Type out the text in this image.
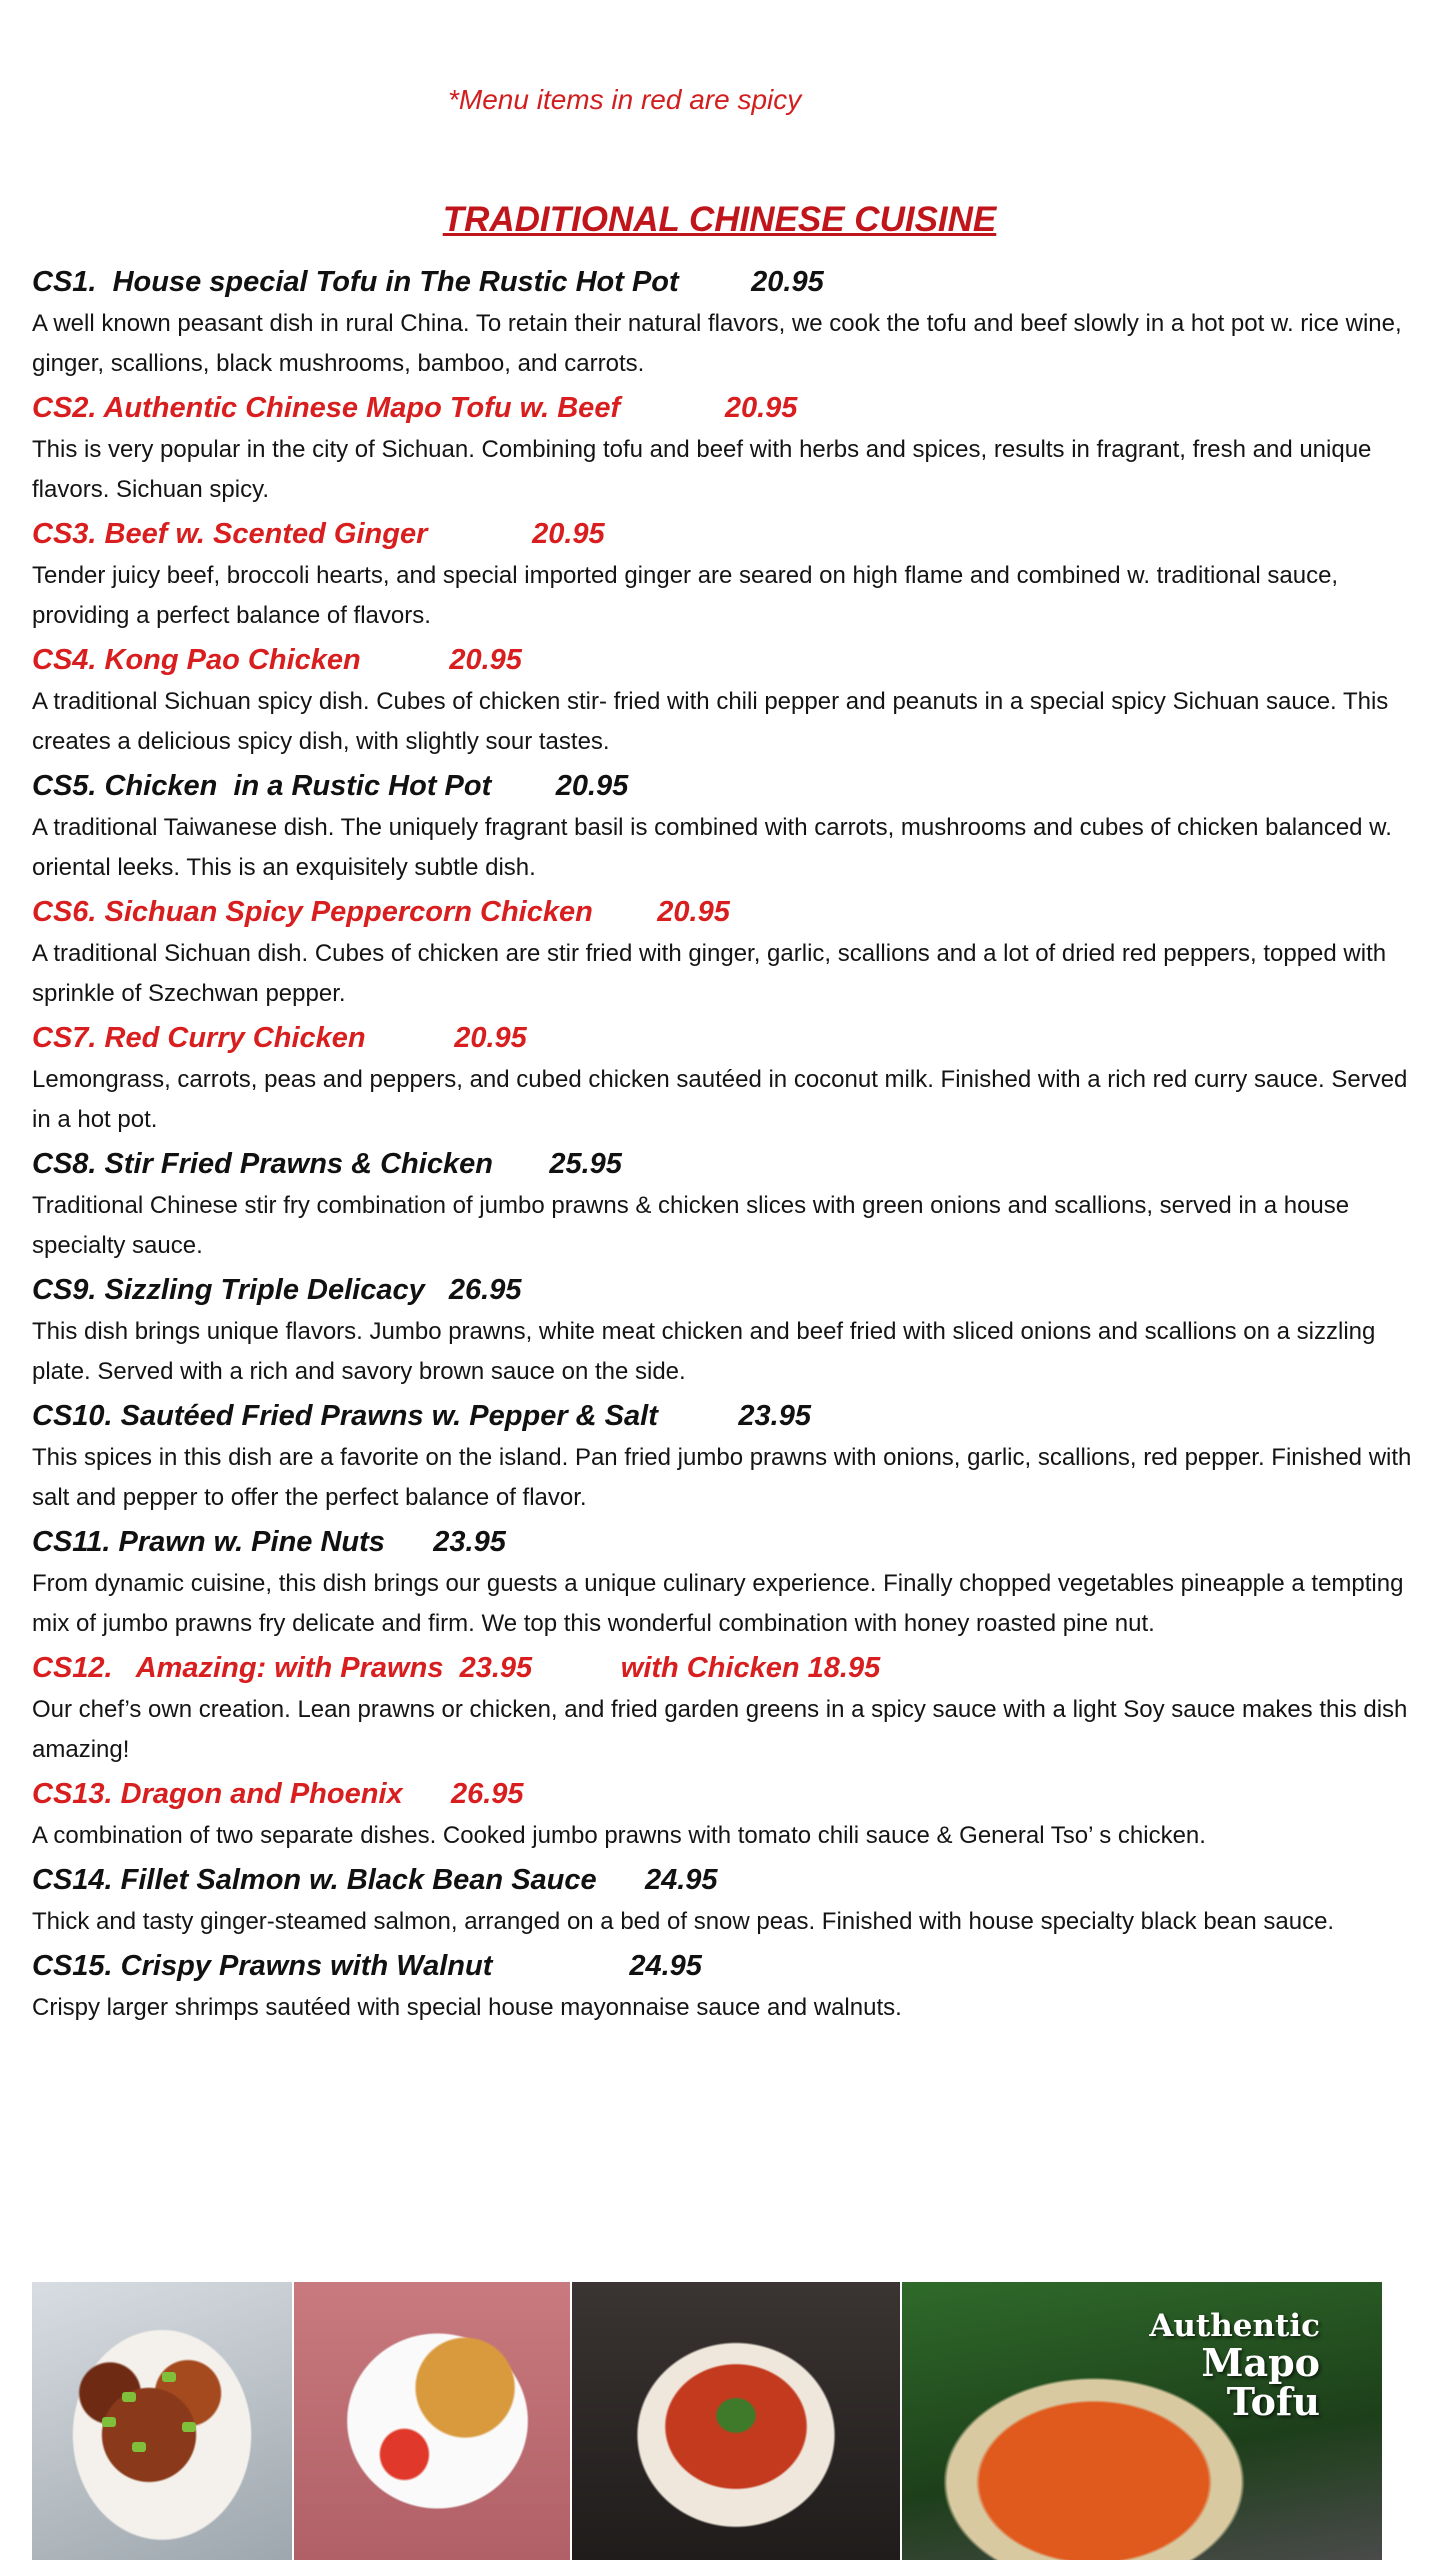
*Menu items in red are spicy
TRADITIONAL CHINESE CUISINE
CS1.  House special Tofu in The Rustic Hot Pot         20.95
A well known peasant dish in rural China. To retain their natural flavors, we cook the tofu and beef slowly in a hot pot w. rice wine, ginger, scallions, black mushrooms, bamboo, and carrots.
CS2. Authentic Chinese Mapo Tofu w. Beef             20.95
This is very popular in the city of Sichuan. Combining tofu and beef with herbs and spices, results in fragrant, fresh and unique flavors. Sichuan spicy.
CS3. Beef w. Scented Ginger             20.95
Tender juicy beef, broccoli hearts, and special imported ginger are seared on high flame and combined w. traditional sauce, providing a perfect balance of flavors.
CS4. Kong Pao Chicken           20.95
A traditional Sichuan spicy dish. Cubes of chicken stir- fried with chili pepper and peanuts in a special spicy Sichuan sauce. This creates a delicious spicy dish, with slightly sour tastes.
CS5. Chicken  in a Rustic Hot Pot        20.95
A traditional Taiwanese dish. The uniquely fragrant basil is combined with carrots, mushrooms and cubes of chicken balanced w. oriental leeks. This is an exquisitely subtle dish.
CS6. Sichuan Spicy Peppercorn Chicken        20.95
A traditional Sichuan dish. Cubes of chicken are stir fried with ginger, garlic, scallions and a lot of dried red peppers, topped with sprinkle of Szechwan pepper.
CS7. Red Curry Chicken           20.95
Lemongrass, carrots, peas and peppers, and cubed chicken sautéed in coconut milk. Finished with a rich red curry sauce. Served in a hot pot.
CS8. Stir Fried Prawns & Chicken       25.95
Traditional Chinese stir fry combination of jumbo prawns & chicken slices with green onions and scallions, served in a house specialty sauce.
CS9. Sizzling Triple Delicacy   26.95
This dish brings unique flavors. Jumbo prawns, white meat chicken and beef fried with sliced onions and scallions on a sizzling plate. Served with a rich and savory brown sauce on the side.
CS10. Sautéed Fried Prawns w. Pepper & Salt          23.95
This spices in this dish are a favorite on the island. Pan fried jumbo prawns with onions, garlic, scallions, red pepper. Finished with salt and pepper to offer the perfect balance of flavor.
CS11. Prawn w. Pine Nuts      23.95
From dynamic cuisine, this dish brings our guests a unique culinary experience. Finally chopped vegetables pineapple a tempting mix of jumbo prawns fry delicate and firm. We top this wonderful combination with honey roasted pine nut.
CS12.   Amazing: with Prawns  23.95           with Chicken 18.95
Our chef’s own creation. Lean prawns or chicken, and fried garden greens in a spicy sauce with a light Soy sauce makes this dish amazing!
CS13. Dragon and Phoenix      26.95
A combination of two separate dishes. Cooked jumbo prawns with tomato chili sauce & General Tso’ s chicken.
CS14. Fillet Salmon w. Black Bean Sauce      24.95
Thick and tasty ginger-steamed salmon, arranged on a bed of snow peas. Finished with house specialty black bean sauce.
CS15. Crispy Prawns with Walnut                 24.95
Crispy larger shrimps sautéed with special house mayonnaise sauce and walnuts.
Authentic
Mapo
Tofu
